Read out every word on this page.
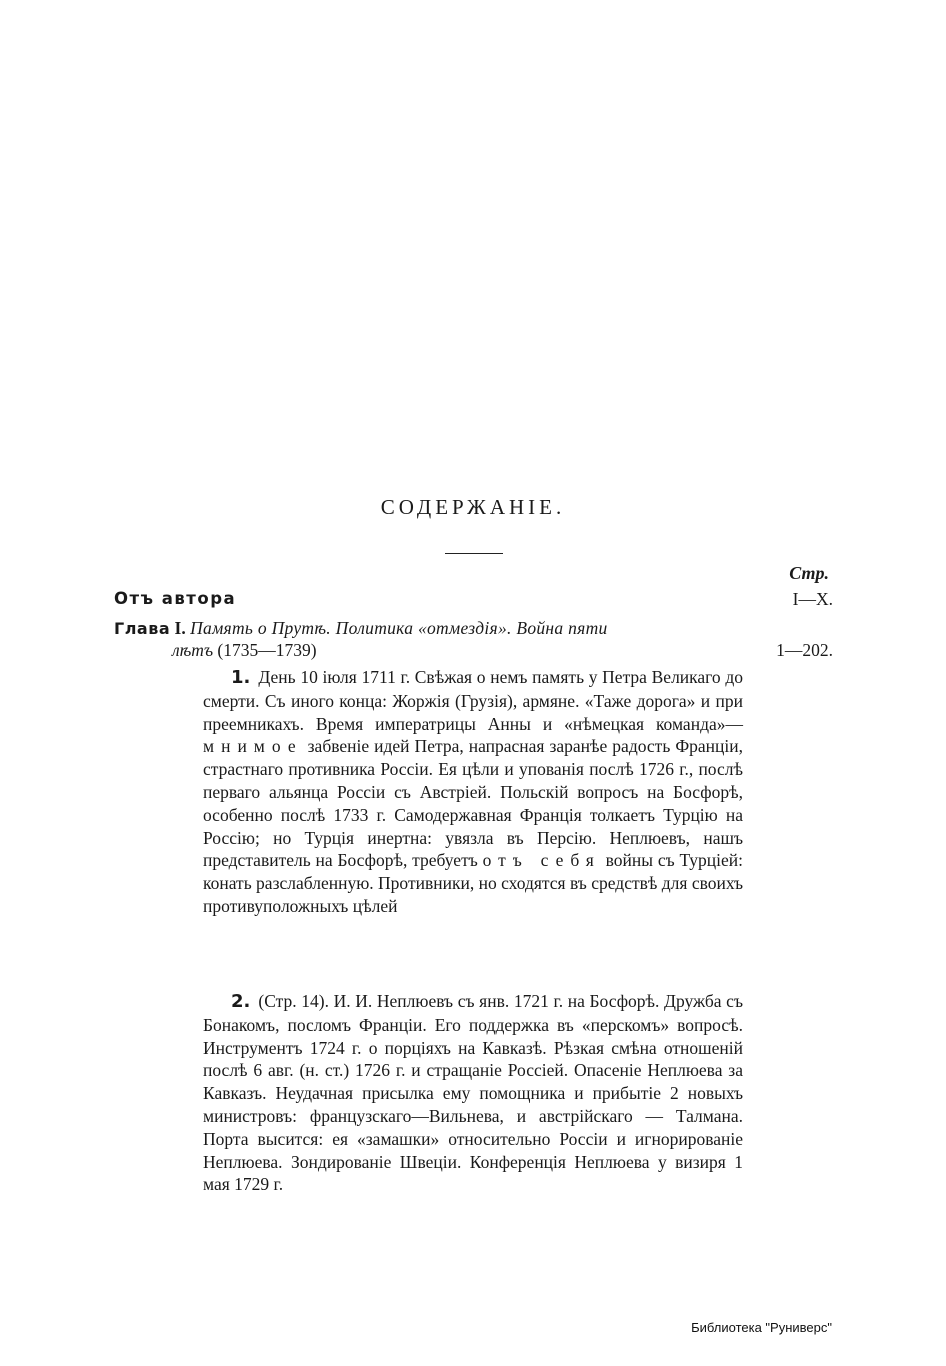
СОДЕРЖАНІЕ.
Стр.
Отъ автора	I—X.
Глава I. Память о Прутѣ. Политика «отмездія». Война пяти
лѣтъ (1735—1739)	1—202.
1. День 10 іюля 1711 г. Свѣжая о немъ память у Петра Великаго до смерти. Съ иного конца: Жоржія (Грузія), армяне. «Таже дорога» и при преемникахъ. Время императрицы Анны и «нѣмецкая команда»—мнимое забвеніе идей Петра, напрасная заранѣе радость Франціи, страстнаго противника Россіи. Ея цѣли и упованія послѣ 1726 г., послѣ перваго альянца Россіи съ Австріей. Польскій вопросъ на Босфорѣ, особенно послѣ 1733 г. Самодержавная Франція толкаетъ Турцію на Россію; но Турція инертна: увязла въ Персію. Неплюевъ, нашъ представитель на Босфорѣ, требуетъ отъ себя войны съ Турціей: конать разслабленную. Противники, но сходятся въ средствѣ для своихъ противуположныхъ цѣлей
2. (Стр. 14). И. И. Неплюевъ съ янв. 1721 г. на Босфорѣ. Дружба съ Бонакомъ, посломъ Франціи. Его поддержка въ «перскомъ» вопросѣ. Инструментъ 1724 г. о порціяхъ на Кавказѣ. Рѣзкая смѣна отношеній послѣ 6 авг. (н. ст.) 1726 г. и стращаніе Россіей. Опасеніе Неплюева за Кавказъ. Неудачная присылка ему помощника и прибытіе 2 новыхъ министровъ: французскаго—Вильнева, и австрійскаго — Талмана. Порта высится: ея «замашки» относительно Россіи и игнорированіе Неплюева. Зондированіе Швеціи. Конференція Неплюева у визиря 1 мая 1729 г.
Библиотека "Руниверс"
